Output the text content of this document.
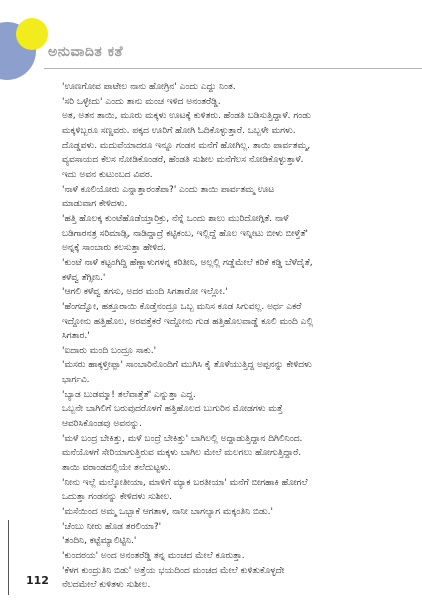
ಅನುವಾದಿತ ಕತೆ

'ಊಣಗೋವ ಪಾಟೇಲ ನಾನು ಹೋಗ್ರಿನ' ಎಂದು ಎದ್ದು ನಿಂತ.

'ಸರಿ ಒಳ್ಳೇದು' ಎಂದು ತಾನು ಮಂಚ ಇಳಿದ ಅನಂತರೆಡ್ಡಿ.

ಅತ, ಅತನ ತಾಯಿ, ಮೂರು ಮಕ್ಕಳು ಊಟಕ್ಕೆ ಕುಳಿತರು. ಹೆಂಡತಿ ಬಡಿಸುತ್ತಿದ್ದಾಳೆ. ಗಂಡು

ಮಕ್ಕಳಿಬ್ಬರೂ ಸಣ್ಣವರು. ಪಕ್ಕದ ಊರಿಗೆ ಹೋಗಿ ಓದಿಕೊಳ್ಳುತ್ತಾರೆ. ಒಬ್ಬಳೇ ಮಗಳು.

ದೊಡ್ಡವಳು. ಮದುವೆಯಾದರೂ ಇನ್ನೂ ಗಂಡನ ಮನೆಗೆ ಹೋಗಿಲ್ಲ. ತಾಯಿ ಪಾರ್ವತಮ್ಮ,

ವ್ಯವಸಾಯದ ಕೆಲಸ ನೋಡಿಕೊಂಡರೆ, ಹೆಂಡತಿ ಸುಶೀಲ ಮನೆಗೆಲಸ ನೋಡಿಕೊಳ್ಳುತ್ತಾಳೆ.

ಇದು ಅವನ ಕುಟುಂಬದ ವಿವರ.

'ನಾಳೆ ಕೂಲಿಯೋರು ಎನ್ನಾತ್ತಾರಂತೆಪಾ?' ಎಂದು ತಾಯಿ ಪಾರ್ವತಮ್ಮ ಊಟ

ಮಾಡುವಾಗ ಕೇಳಿದಳು.

'ಹತ್ತಿ ಹೊಲಕ್ಕ ಕುಂಟೆಹೊಡೆಯ್ತಾರಿಕ್ರು, ನೆನ್ನೆ ಒಂದು ಶಾಲು ಮುರಿದೋಗ್ಗಿತೆ. ನಾಳೆ

ಬಡಿಗಾರನತ್ರ ಸರಿಮಾಡ್ಸಿ, ನಾಡಿದ್ದಾದ್ರೆ ಕಟ್ಟಿಕಂಬ, ಇಲ್ಲಿದ್ದೆ ಹೊಲ ಇನ್ನೀಟು ಬೀಳು ಬೀಳ್ತೆತೆ'

ಅನ್ನಕ್ಕೆ ಸಾಂಬಾರು ಕಲಸುತ್ತಾ ಹೇಳಿದ.

'ಕುಂಟೆ ನಾಳೆ ಕಟ್ಟಂಗಿದ್ದಿ ಹೆಣ್ಣಾಳುಗಳನ್ನ ಕರಿತೀನಿ, ಅಲ್ಲಲ್ಲಿ ಗಡ್ಡೆಮೇಲೆ ಕರಿಕೆ ಕಡ್ಡಿ ಬೆಳೆದೈತೆ,

ಕಳೆವ್ವ ತೆಗ್ಸೀನಿ.'

'ಆಗಲಿ ಕಳೆವ್ವ ತಗಸು, ಅದರ ಮಂದಿ ಸಿಗತಾರೋ ಇಲ್ಲೋ.'

'ಹೆಂಗದ್ವೋ, ಹತ್ತೂರಾಯಿ ಕೊಡ್ತೆನಂದ್ರೂ ಒಬ್ಬ ಮನಿಸ ಕೂಡ ಸಿಗುವಲ್ಲ. ಅರ್ಧ ಎಕರೆ

ಇದ್ದೋನು ಹತ್ತಿಹೊಲ, ಅರವತ್ತೆಕರೆ ಇದ್ದೋನು ಗುಡ ಹತ್ತಿಹೊಲವಾಡ್ಡೆ ಕೂಲಿ ಮಂದಿ ಎಲ್ಲಿ

ಸಿಗತಾರ.'

'ಐದಾರು ಮಂದಿ ಬಂದ್ರೂ ಸಾಕು.'

'ಮಸರು ಹಾಕ್ಕಳ್ತೀಪ್ಪಾ' ಸಾಂಬಾರಿನೊಂದಿಗೆ ಮುಗಿಸಿ ಕೈ ತೊಳೆಯುತ್ತಿದ್ದ ಅಪ್ಪನನ್ನು ಕೇಳಿದಳು

ಭಾರ್ಗವಿ.

'ಬ್ಯಾಡ ಬುಡಮ್ಮಾ! ತಲೆವಾತ್ತೆತೆ' ಎನ್ನುತ್ತಾ ಎದ್ದ.

ಒಬ್ಬನೇ ಬಾಗಿಲಿಗೆ ಬರುವುದರೊಳಗೆ ಹತ್ತಿಹೊಲದ ಬುಗುರಿನ ಮೋಡಗಳು ಮತ್ತೆ

ಆವರಿಸಿಕೊಂಡವು ಅವನನ್ನು.

'ಮಳೆ ಬಂದ್ರ ಬೇಕಿತ್ತು, ಮಳೆ ಬಂದ್ರೆ ಬೇಕಿತ್ತು' ಬಾಗಿಲಲ್ಲಿ ಅದ್ದಾಡುತ್ತಿದ್ದಾನ ದಿಗಿಲಿನಿಂದ.

ಮನೆಯೊಳಗೆ ಸೇರಿಯಾಗುತ್ತಿರುವ ಮಕ್ಕಳು ಬಾಗಿಲ ಮೇಲೆ ಮಲಗಲು ಹೋಗುತ್ತಿದ್ದಾರೆ.

ತಾಯಿ ವರಾಂಡದಲ್ಲಿಯೇ ತಲೆದುಟ್ಟಳು.

'ನೀನು ಇಲ್ಲೆ ಮಲ್ಕೋತೀಯಾ, ಮಾಳಿಗೆ ಮ್ಯಾಕ ಬರತೀಯಾ' ಮನೆಗೆ ಬೀಗಹಾಕಿ ಹೋಗಲೆ

ಒದುತ್ತಾ ಗಂಡನನ್ನು ಕೇಳಿದಳು ಸುಶೀಲ.

'ಮಸೆಯಿಂದ ಅಮ್ಮ ಒಬ್ಬಾಕೆ ಆಗತಾಳ, ನಾನೀ ಬಾಗಲ್ಯಾಗ ಮಕ್ಕಂತಿನಿ ಬಿಡು.'

'ಚೆಂಬು ನೀರು ಹೊಡ ತರಲಿಯಾ?'

'ತಂದಿನಿ, ಕಟ್ಟೆಮ್ಯಾಲಿಟ್ಟಿನಿ.'

'ಕುಂದರಯ' ಅಂದ ಅನಂತರೆಡ್ಡಿ ತನ್ನ ಮಂಚದ ಮೇಲೆ ಕೂರುತ್ತಾ.

'ಕೆಳಗ ಕುಂದ್ರುತಿನಿ ಬಿಡು' ಅತ್ತೆಯ ಭಯದಿಂದ ಮಂಚದ ಮೇಲೆ ಕುಳಿತುಕೊಳ್ಳದೇ

ನೆಲದಮೇಲೆ ಕುಳಿತಳು ಸುಶೀಲ.

112
